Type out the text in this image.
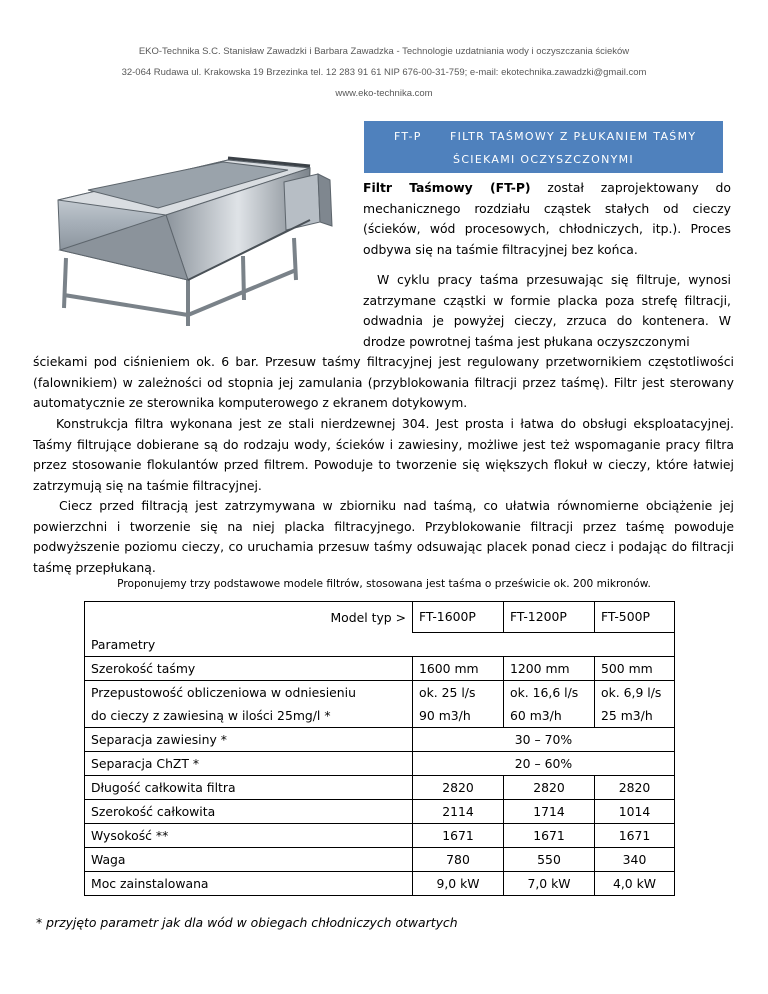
EKO-Technika S.C. Stanisław Zawadzki i Barbara Zawadzka - Technologie uzdatniania wody i oczyszczania ścieków
32-064 Rudawa ul. Krakowska 19 Brzezinka tel. 12 283 91 61 NIP 676-00-31-759; e-mail: ekotechnika.zawadzki@gmail.com
www.eko-technika.com
FT-P	FILTR TAŚMOWY Z PŁUKANIEM TAŚMY
ŚCIEKAMI OCZYSZCZONYMI

Filtr Taśmowy (FT-P) został zaprojektowany do mechanicznego rozdziału cząstek stałych od cieczy (ścieków, wód procesowych, chłodniczych, itp.). Proces odbywa się na taśmie filtracyjnej bez końca.

W cyklu pracy taśma przesuwając się filtruje, wynosi zatrzymane cząstki w formie placka poza strefę filtracji, odwadnia je powyżej cieczy, zrzuca do kontenera. W drodze powrotnej taśma jest płukana oczyszczonymi

ściekami pod ciśnieniem ok. 6 bar. Przesuw taśmy filtracyjnej jest regulowany przetwornikiem częstotliwości (falownikiem) w zależności od stopnia jej zamulania (przyblokowania filtracji przez taśmę). Filtr jest sterowany automatycznie ze sterownika komputerowego z ekranem dotykowym.

Konstrukcja filtra wykonana jest ze stali nierdzewnej 304. Jest prosta i łatwa do obsługi eksploatacyjnej. Taśmy filtrujące dobierane są do rodzaju wody, ścieków i zawiesiny, możliwe jest też wspomaganie pracy filtra przez stosowanie flokulantów przed filtrem. Powoduje to tworzenie się większych flokuł w cieczy, które łatwiej zatrzymują się na taśmie filtracyjnej.

Ciecz przed filtracją jest zatrzymywana w zbiorniku nad taśmą, co ułatwia równomierne obciążenie jej powierzchni i tworzenie się na niej placka filtracyjnego. Przyblokowanie filtracji przez taśmę powoduje podwyższenie poziomu cieczy, co uruchamia przesuw taśmy odsuwając placek ponad ciecz i podając do filtracji taśmę przepłukaną.

Proponujemy trzy podstawowe modele filtrów, stosowana jest taśma o prześwicie ok. 200 mikronów.
Model typ >	FT-1600P	FT-1200P	FT-500P
Parametry			
Szerokość taśmy	1600 mm	1200 mm	500 mm
Przepustowość obliczeniowa w odniesieniu	ok. 25 l/s	ok. 16,6 l/s	ok. 6,9 l/s
do cieczy z zawiesiną w ilości 25mg/l *	90 m3/h	60 m3/h	25 m3/h
Separacja zawiesiny *	30 – 70%		
Separacja ChZT *	20 – 60%		
Długość całkowita filtra	2820	2820	2820
Szerokość całkowita	2114	1714	1014
Wysokość **	1671	1671	1671
Waga	780	550	340
Moc zainstalowana	9,0 kW	7,0 kW	4,0 kW
* przyjęto parametr jak dla wód w obiegach chłodniczych otwartych
